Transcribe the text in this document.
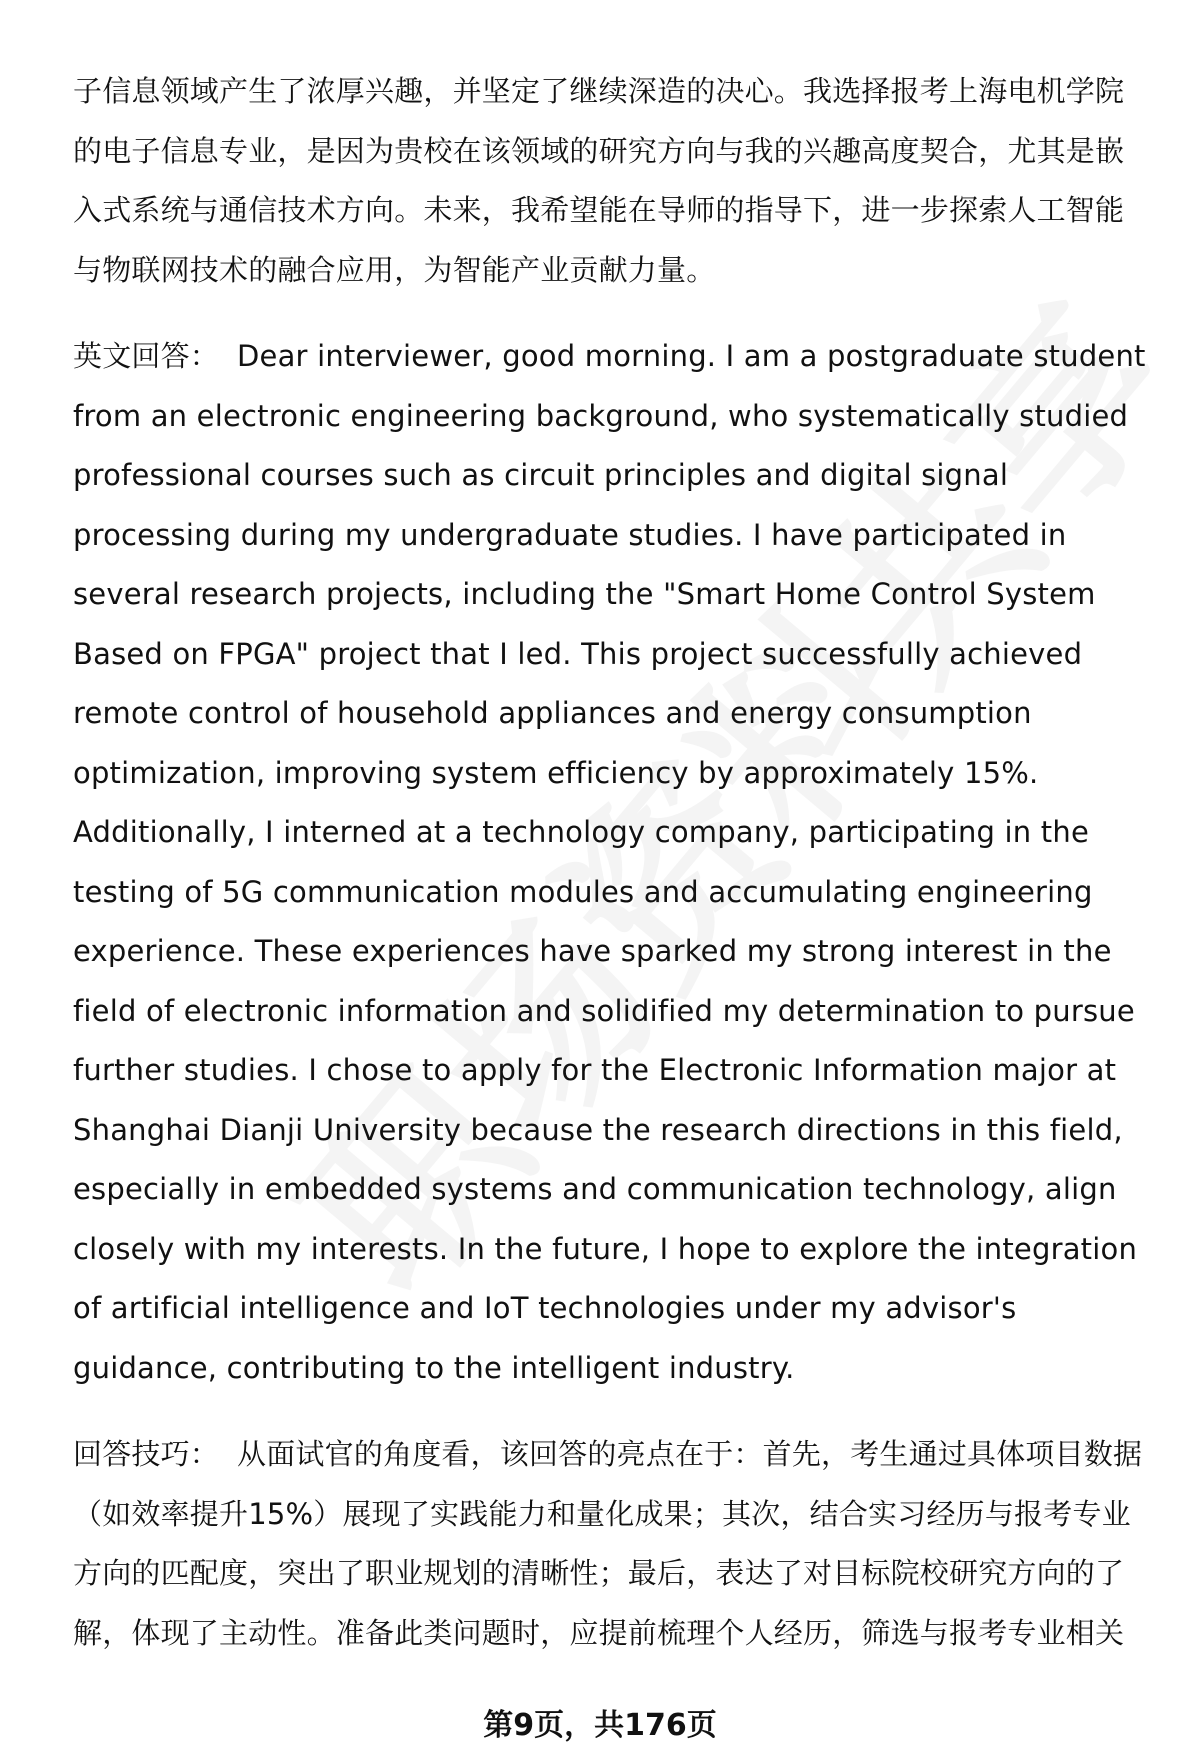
子信息领域产生了浓厚兴趣，并坚定了继续深造的决心。我选择报考上海电机学院的电子信息专业，是因为贵校在该领域的研究方向与我的兴趣高度契合，尤其是嵌入式系统与通信技术方向。未来，我希望能在导师的指导下，进一步探索人工智能与物联网技术的融合应用，为智能产业贡献力量。

英文回答： Dear interviewer, good morning. I am a postgraduate student from an electronic engineering background, who systematically studied professional courses such as circuit principles and digital signal processing during my undergraduate studies. I have participated in several research projects, including the "Smart Home Control System Based on FPGA" project that I led. This project successfully achieved remote control of household appliances and energy consumption optimization, improving system efficiency by approximately 15%. Additionally, I interned at a technology company, participating in the testing of 5G communication modules and accumulating engineering experience. These experiences have sparked my strong interest in the field of electronic information and solidified my determination to pursue further studies. I chose to apply for the Electronic Information major at Shanghai Dianji University because the research directions in this field, especially in embedded systems and communication technology, align closely with my interests. In the future, I hope to explore the integration of artificial intelligence and IoT technologies under my advisor's guidance, contributing to the intelligent industry.

回答技巧： 从面试官的角度看，该回答的亮点在于：首先，考生通过具体项目数据（如效率提升15%）展现了实践能力和量化成果；其次，结合实习经历与报考专业方向的匹配度，突出了职业规划的清晰性；最后，表达了对目标院校研究方向的了解，体现了主动性。准备此类问题时，应提前梳理个人经历，筛选与报考专业相关

第9页，共176页
